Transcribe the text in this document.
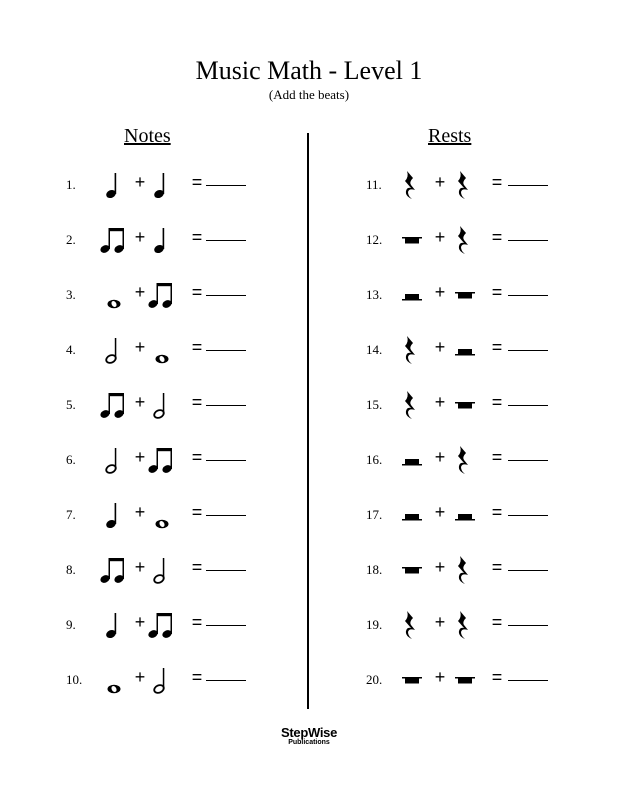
Music Math - Level 1
(Add the beats)
Notes	Rests
1.	+	=
2.	+	=
3.	+	=
4.	+	=
5.	+	=
6.	+	=
7.	+	=
8.	+	=
9.	+	=
10.	+	=
11.	+	=
12.	+	=
13.	+	=
14.	+	=
15.	+	=
16.	+	=
17.	+	=
18.	+	=
19.	+	=
20.	+	=
StepWise
Publications
